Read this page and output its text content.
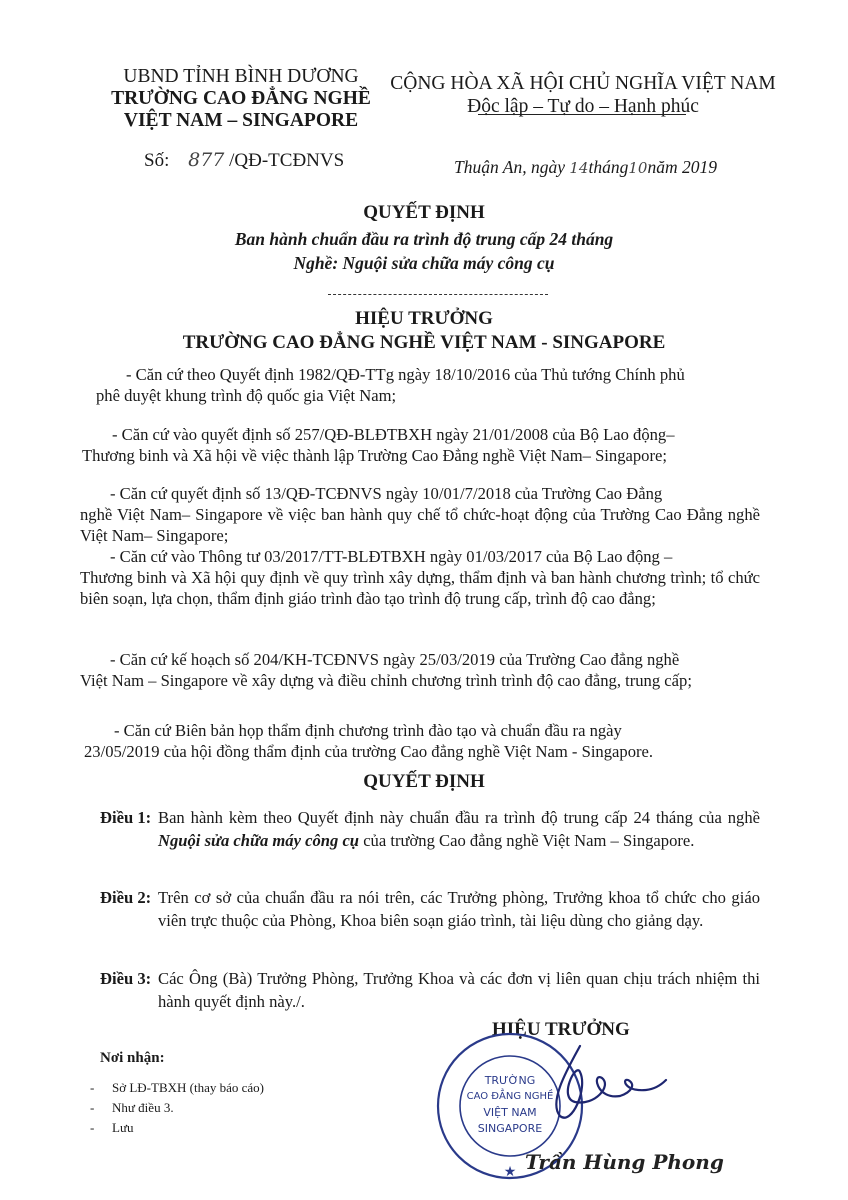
UBND TỈNH BÌNH DƯƠNG
TRƯỜNG CAO ĐẲNG NGHỀ
VIỆT NAM – SINGAPORE
Số: 877 /QĐ-TCĐNVS
CỘNG HÒA XÃ HỘI CHỦ NGHĨA VIỆT NAM
Độc lập – Tự do – Hạnh phúc
Thuận An, ngày 14tháng10năm 2019
QUYẾT ĐỊNH
Ban hành chuẩn đầu ra trình độ trung cấp 24 tháng
Nghề: Nguội sửa chữa máy công cụ
HIỆU TRƯỞNG
TRƯỜNG CAO ĐẲNG NGHỀ VIỆT NAM - SINGAPORE
- Căn cứ theo Quyết định 1982/QĐ-TTg ngày 18/10/2016 của Thủ tướng Chính phủ
phê duyệt khung trình độ quốc gia Việt Nam;
- Căn cứ vào quyết định số 257/QĐ-BLĐTBXH ngày 21/01/2008 của Bộ Lao động–
Thương binh và Xã hội về việc thành lập Trường Cao Đẳng nghề Việt Nam– Singapore;
- Căn cứ quyết định số 13/QĐ-TCĐNVS ngày 10/01/7/2018 của Trường Cao Đẳng
nghề Việt Nam– Singapore về việc ban hành quy chế tổ chức-hoạt động của Trường Cao Đẳng nghề Việt Nam– Singapore;
- Căn cứ vào Thông tư 03/2017/TT-BLĐTBXH ngày 01/03/2017 của Bộ Lao động –
Thương binh và Xã hội quy định về quy trình xây dựng, thẩm định và ban hành chương trình; tổ chức biên soạn, lựa chọn, thẩm định giáo trình đào tạo trình độ trung cấp, trình độ cao đẳng;
- Căn cứ kế hoạch số 204/KH-TCĐNVS ngày 25/03/2019 của Trường Cao đẳng nghề
Việt Nam – Singapore về xây dựng và điều chỉnh chương trình trình độ cao đẳng, trung cấp;
- Căn cứ Biên bản họp thẩm định chương trình đào tạo và chuẩn đầu ra ngày
23/05/2019 của hội đồng thẩm định của trường Cao đẳng nghề Việt Nam - Singapore.
QUYẾT ĐỊNH
Điều 1: Ban hành kèm theo Quyết định này chuẩn đầu ra trình độ trung cấp 24 tháng của nghề Nguội sửa chữa máy công cụ của trường Cao đẳng nghề Việt Nam – Singapore.
Điều 2: Trên cơ sở của chuẩn đầu ra nói trên, các Trưởng phòng, Trưởng khoa tổ chức cho giáo viên trực thuộc của Phòng, Khoa biên soạn giáo trình, tài liệu dùng cho giảng dạy.
Điều 3: Các Ông (Bà) Trưởng Phòng, Trưởng Khoa và các đơn vị liên quan chịu trách nhiệm thi hành quyết định này./.
Nơi nhận:
- Sở LĐ-TBXH (thay báo cáo)
- Như điều 3.
- Lưu
HIỆU TRƯỞNG
TRƯỜNG
CAO ĐẲNG NGHỀ
VIỆT NAM
SINGAPORE
★ Trần Hùng Phong
